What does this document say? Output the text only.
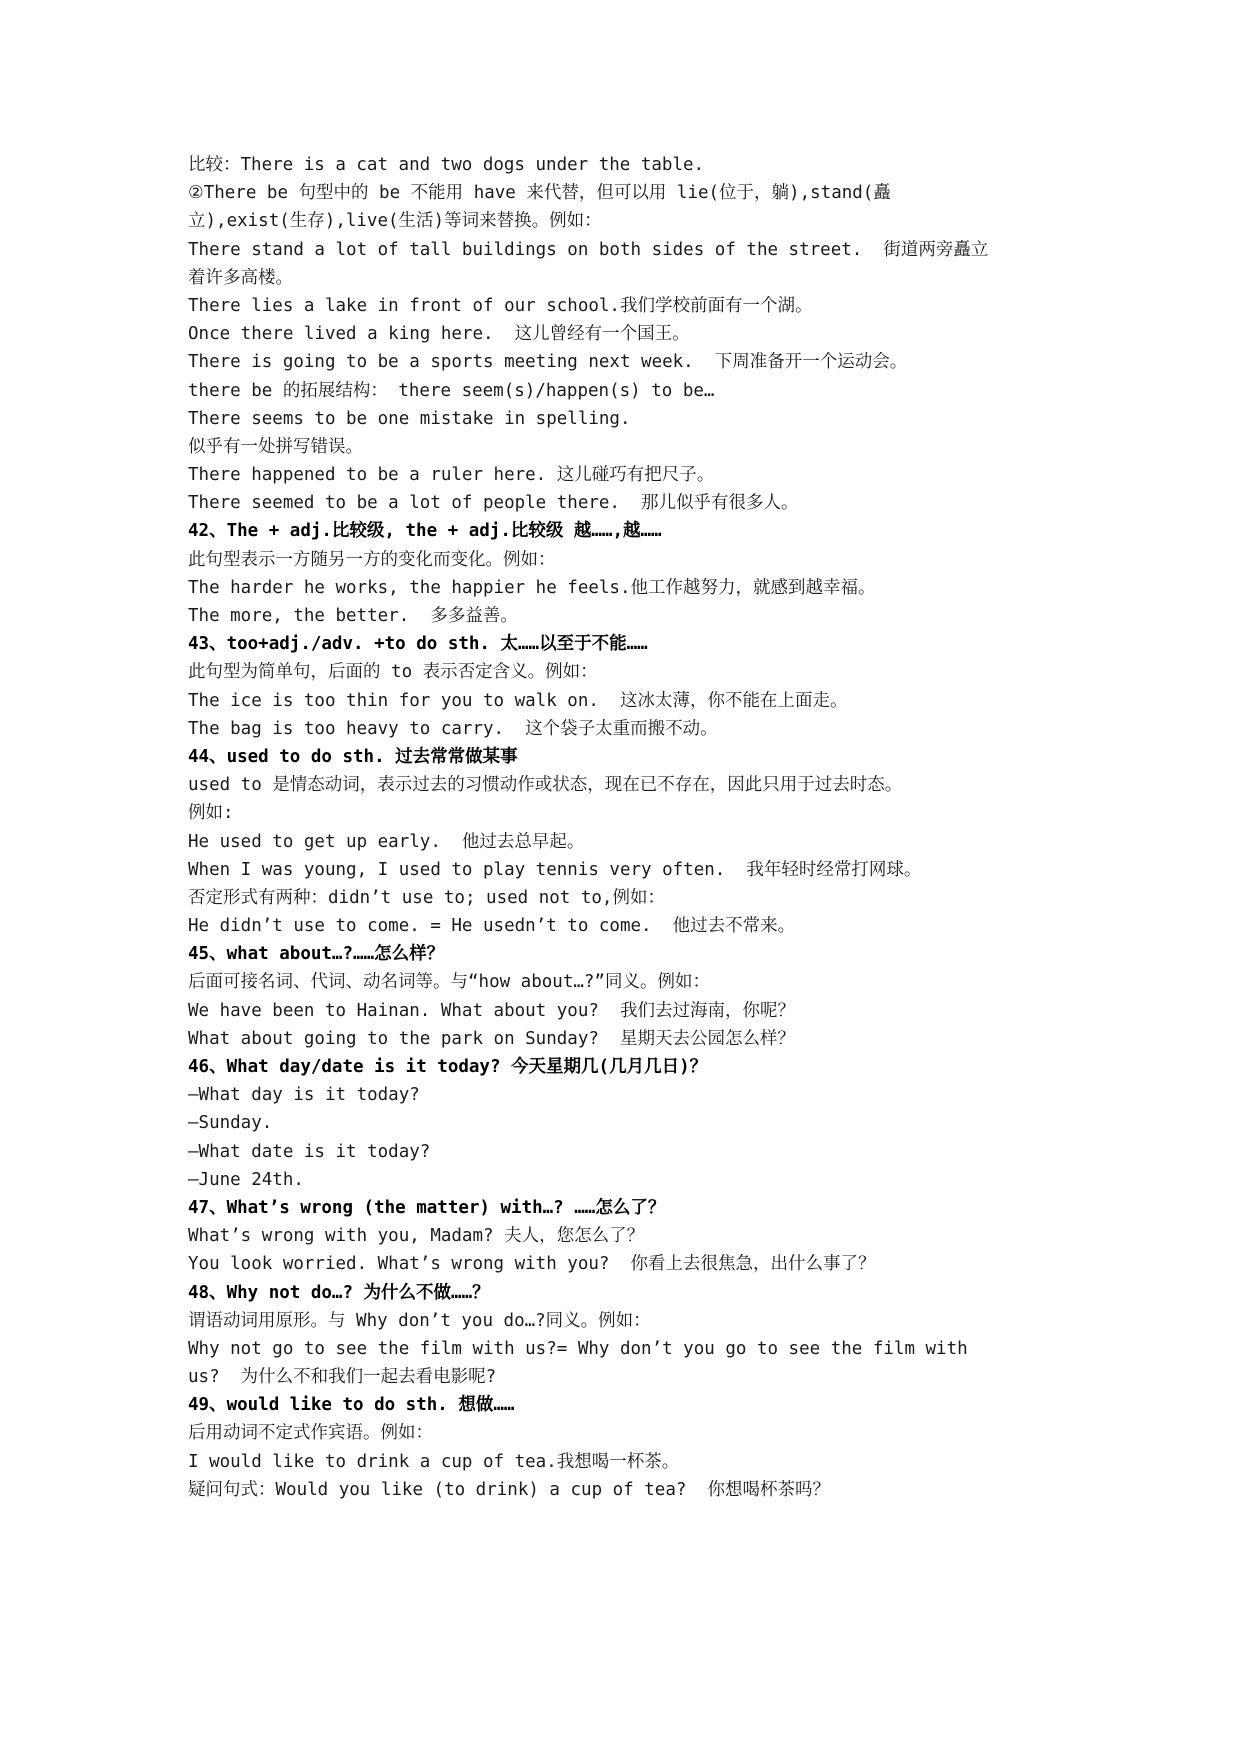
比较：There is a cat and two dogs under the table.
②There be 句型中的 be 不能用 have 来代替，但可以用 lie(位于，躺),stand(矗
立),exist(生存),live(生活)等词来替换。例如：
There stand a lot of tall buildings on both sides of the street.  街道两旁矗立
着许多高楼。
There lies a lake in front of our school.我们学校前面有一个湖。
Once there lived a king here.  这儿曾经有一个国王。
There is going to be a sports meeting next week.  下周准备开一个运动会。
there be 的拓展结构： there seem(s)/happen(s) to be…
There seems to be one mistake in spelling.
似乎有一处拼写错误。
There happened to be a ruler here. 这儿碰巧有把尺子。
There seemed to be a lot of people there.  那儿似乎有很多人。
42、The + adj.比较级, the + adj.比较级 越……,越……
此句型表示一方随另一方的变化而变化。例如：
The harder he works, the happier he feels.他工作越努力，就感到越幸福。
The more, the better.  多多益善。
43、too+adj./adv. +to do sth. 太……以至于不能……
此句型为简单句，后面的 to 表示否定含义。例如：
The ice is too thin for you to walk on.  这冰太薄，你不能在上面走。
The bag is too heavy to carry.  这个袋子太重而搬不动。
44、used to do sth. 过去常常做某事
used to 是情态动词，表示过去的习惯动作或状态，现在已不存在，因此只用于过去时态。
例如:
He used to get up early.  他过去总早起。
When I was young, I used to play tennis very often.  我年轻时经常打网球。
否定形式有两种：didn’t use to; used not to,例如：
He didn’t use to come. = He usedn’t to come.  他过去不常来。
45、what about…?……怎么样？
后面可接名词、代词、动名词等。与“how about…?”同义。例如：
We have been to Hainan. What about you?  我们去过海南，你呢？
What about going to the park on Sunday?  星期天去公园怎么样？
46、What day/date is it today? 今天星期几(几月几日)？
—What day is it today?
—Sunday.
—What date is it today?
—June 24th.
47、What’s wrong (the matter) with…? ……怎么了？
What’s wrong with you, Madam? 夫人，您怎么了？
You look worried. What’s wrong with you?  你看上去很焦急，出什么事了？
48、Why not do…? 为什么不做……？
谓语动词用原形。与 Why don’t you do…?同义。例如：
Why not go to see the film with us?= Why don’t you go to see the film with
us?  为什么不和我们一起去看电影呢?
49、would like to do sth. 想做……
后用动词不定式作宾语。例如：
I would like to drink a cup of tea.我想喝一杯茶。
疑问句式：Would you like (to drink) a cup of tea?  你想喝杯茶吗？
